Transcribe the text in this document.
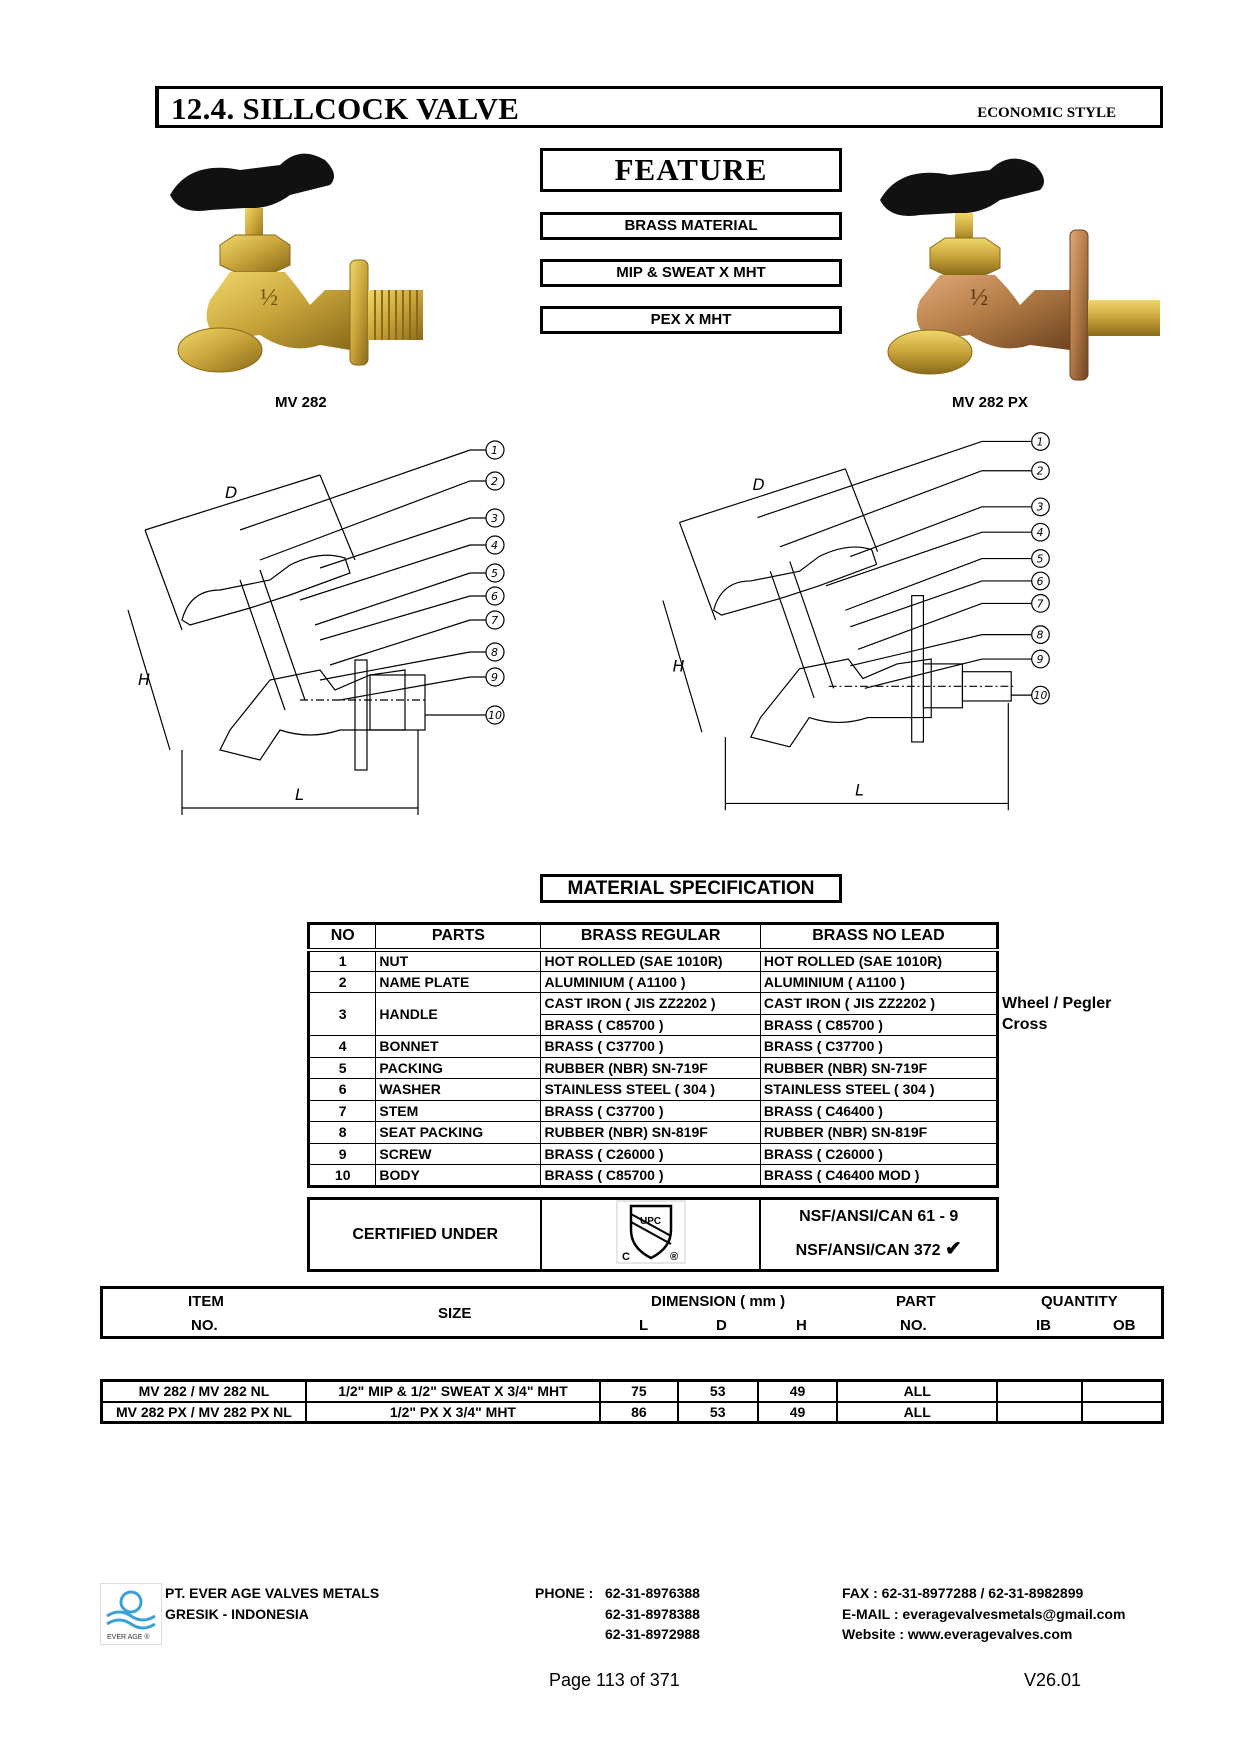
12.4. SILLCOCK VALVE	ECONOMIC STYLE
½
MV 282
½
MV 282 PX
FEATURE
BRASS MATERIAL
MIP & SWEAT X MHT
PEX X MHT
D
H
L
1
2
3
4
5
6
7
8
9
10
D
H
L
1
2
3
4
5
6
7
8
9
10
MATERIAL SPECIFICATION
NO	PARTS	BRASS REGULAR	BRASS NO LEAD
1	NUT	HOT ROLLED (SAE 1010R)	HOT ROLLED (SAE 1010R)
2	NAME PLATE	ALUMINIUM ( A1100 )	ALUMINIUM ( A1100 )
3	HANDLE	CAST IRON ( JIS ZZ2202 )	CAST IRON ( JIS ZZ2202 )
		BRASS ( C85700 )	BRASS ( C85700 )
4	BONNET	BRASS ( C37700 )	BRASS ( C37700 )
5	PACKING	RUBBER (NBR) SN-719F	RUBBER (NBR) SN-719F
6	WASHER	STAINLESS STEEL ( 304 )	STAINLESS STEEL ( 304 )
7	STEM	BRASS ( C37700 )	BRASS ( C46400 )
8	SEAT PACKING	RUBBER (NBR) SN-819F	RUBBER (NBR) SN-819F
9	SCREW	BRASS ( C26000 )	BRASS ( C26000 )
10	BODY	BRASS ( C85700 )	BRASS ( C46400 MOD )
Wheel / Pegler
Cross
CERTIFIED UNDER	
UPC
C	®

NSF/ANSI/CAN 61 - 9
NSF/ANSI/CAN 372 ✔
ITEM
NO.
SIZE
DIMENSION ( mm )
L	D	H
PART
NO.
QUANTITY
IB	OB
MV 282 / MV 282 NL	1/2" MIP & 1/2" SWEAT X 3/4" MHT	75	53	49	ALL		
MV 282 PX / MV 282 PX NL	1/2" PX X 3/4" MHT	86	53	49	ALL		
EVER AGE ®
PT. EVER AGE VALVES METALS
GRESIK - INDONESIA
PHONE : 62-31-8976388
62-31-8978388
62-31-8972988
FAX : 62-31-8977288 / 62-31-8982899
E-MAIL : everagevalvesmetals@gmail.com
Website : www.everagevalves.com
Page 113 of 371	V26.01
